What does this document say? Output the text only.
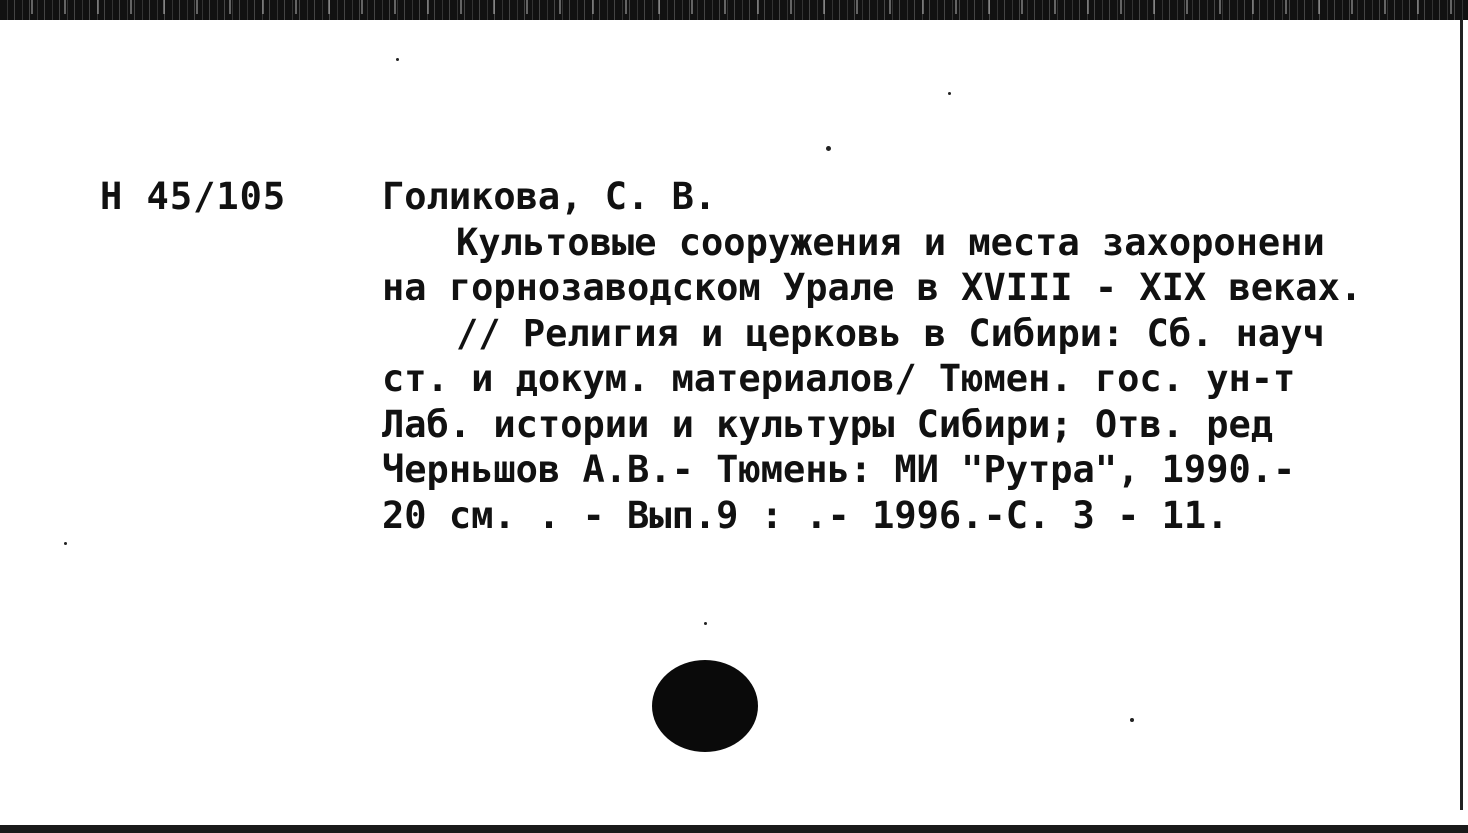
Н 45/105	Голикова, С. В.
Культовые сооружения и места захоронени
на горнозаводском Урале в XVIII - XIX веках.
// Религия и церковь в Сибири: Сб. науч
ст. и докум. материалов/ Тюмен. гос. ун-т
Лаб. истории и культуры Сибири; Отв. ред
Черньшов А.В.- Тюмень: МИ "Рутра", 1990.-
20 см. . - Вып.9 : .- 1996.-С. 3 - 11.
